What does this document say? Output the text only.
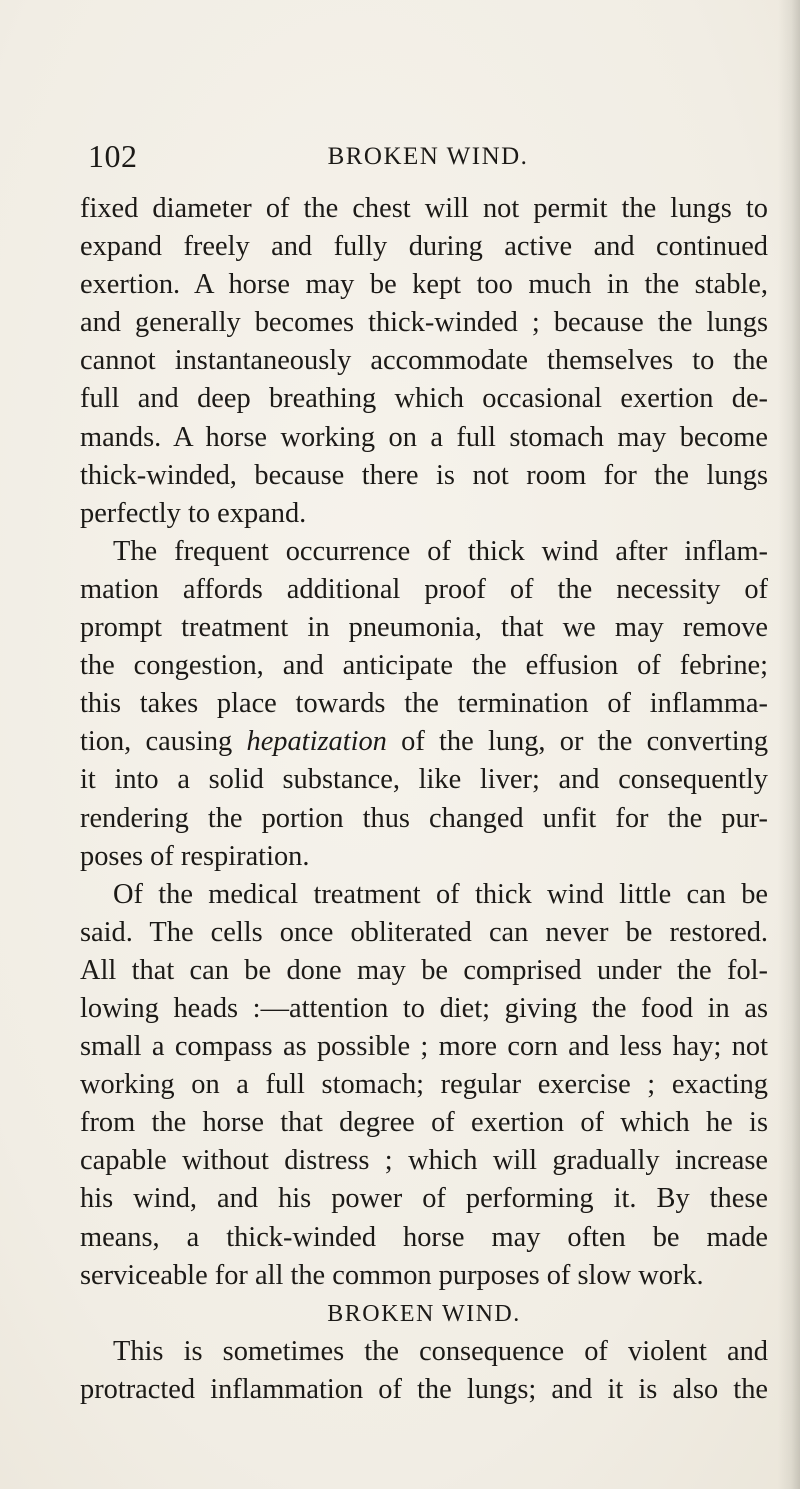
102	BROKEN WIND.
fixed diameter of the chest will not permit the lungs to
expand freely and fully during active and continued
exertion. A horse may be kept too much in the stable,
and generally becomes thick-winded ; because the lungs
cannot instantaneously accommodate themselves to the
full and deep breathing which occasional exertion de-
mands. A horse working on a full stomach may become
thick-winded, because there is not room for the lungs
perfectly to expand.
The frequent occurrence of thick wind after inflam-
mation affords additional proof of the necessity of
prompt treatment in pneumonia, that we may remove
the congestion, and anticipate the effusion of febrine;
this takes place towards the termination of inflamma-
tion, causing hepatization of the lung, or the converting
it into a solid substance, like liver; and consequently
rendering the portion thus changed unfit for the pur-
poses of respiration.
Of the medical treatment of thick wind little can be
said. The cells once obliterated can never be restored.
All that can be done may be comprised under the fol-
lowing heads :—attention to diet; giving the food in as
small a compass as possible ; more corn and less hay; not
working on a full stomach; regular exercise ; exacting
from the horse that degree of exertion of which he is
capable without distress ; which will gradually increase
his wind, and his power of performing it. By these
means, a thick-winded horse may often be made
serviceable for all the common purposes of slow work.
BROKEN WIND.
This is sometimes the consequence of violent and
protracted inflammation of the lungs; and it is also the
